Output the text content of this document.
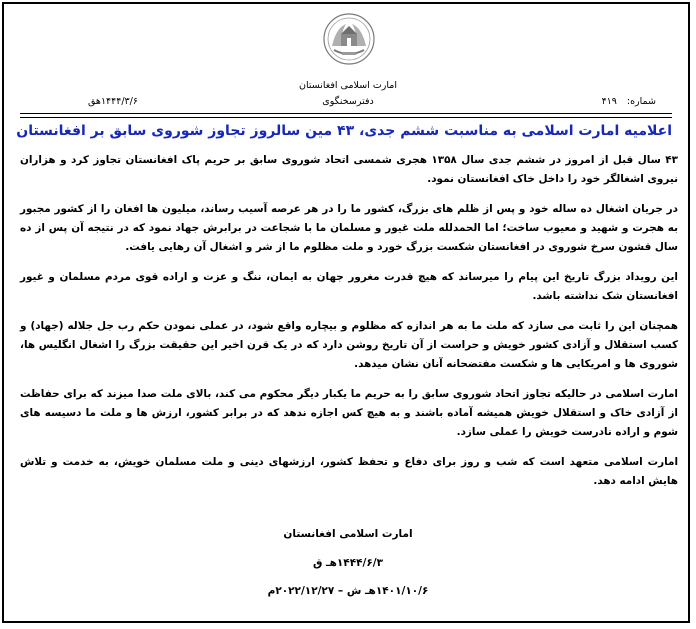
امارت اسلامی افغانستان
دفترسخنگوی	شماره:۴۱۹
۱۴۴۴/۳/۶هق
اعلامیه امارت اسلامی به مناسبت ششم جدی، ۴۳ مین سالروز تجاوز شوروی سابق بر افغانستان

۴۳ سال قبل از امروز در ششم جدی سال ۱۳۵۸ هجری شمسی اتحاد شوروی سابق بر حریم پاک افغانستان تجاوز کرد و هزاران نیروی اشغالگر خود را داخل خاک افغانستان نمود.

در جریان اشغال ده ساله خود و پس از ظلم های بزرگ، کشور ما را در هر عرصه آسیب رساند، میلیون ها افغان را از کشور مجبور به هجرت و شهید و معیوب ساخت؛ اما الحمدلله ملت غیور و مسلمان ما با شجاعت در برابرش جهاد نمود که در نتیجه آن پس از ده سال قشون سرخ شوروی در افغانستان شکست بزرگ خورد و ملت مظلوم ما از شر و اشغال آن رهایی یافت.

این رویداد بزرگ تاریخ این پیام را میرساند که هیچ قدرت مغرور جهان به ایمان، ننگ و عزت و اراده قوی مردم مسلمان و غیور افغانستان شک نداشته باشد.

همچنان این را ثابت می سازد که ملت ما به هر اندازه که مظلوم و بیچاره واقع شود، در عملی نمودن حکم رب جل جلاله (جهاد) و کسب استقلال و آزادی کشور خویش و حراست از آن تاریخ روشن دارد که در یک قرن اخیر این حقیقت بزرگ را اشغال انگلیس ها، شوروی ها و امریکایی ها و شکست مفتضحانه آنان نشان میدهد.

امارت اسلامی در حالیکه تجاوز اتحاد شوروی سابق را به حریم ما یکبار دیگر محکوم می کند، بالای ملت صدا میزند که برای حفاظت از آزادی خاک و استقلال خویش همیشه آماده باشند و به هیچ کس اجازه ندهد که در برابر کشور، ارزش ها و ملت ما دسیسه های شوم و اراده نادرست خویش را عملی سازد.

امارت اسلامی متعهد است که شب و روز برای دفاع و تحفظ کشور، ارزشهای دینی و ملت مسلمان خویش، به خدمت و تلاش هایش ادامه دهد.

امارت اسلامی افغانستان
۱۴۴۴/۶/۳هـ ق
۱۴۰۱/۱۰/۶هـ ش – ۲۰۲۲/۱۲/۲۷م
